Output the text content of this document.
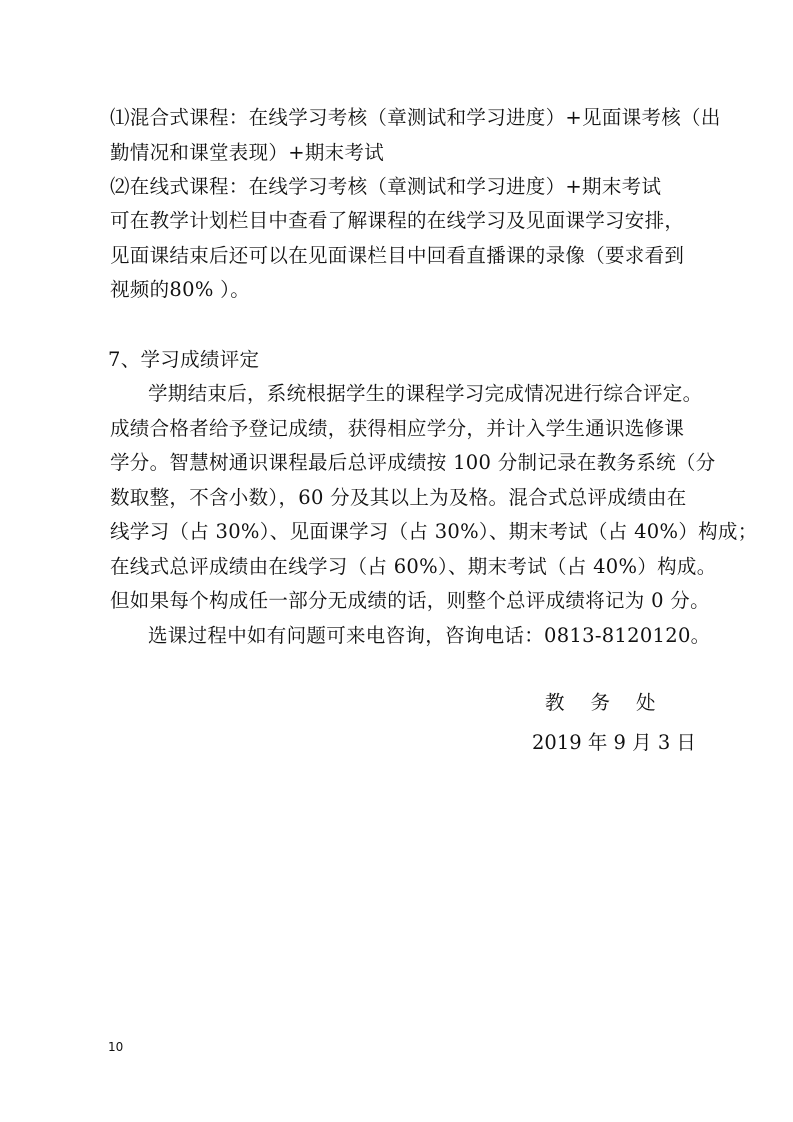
⑴混合式课程：在线学习考核（章测试和学习进度）+见面课考核（出
勤情况和课堂表现）+期末考试
⑵在线式课程：在线学习考核（章测试和学习进度）+期末考试
可在教学计划栏目中查看了解课程的在线学习及见面课学习安排，
见面课结束后还可以在见面课栏目中回看直播课的录像（要求看到
视频的80% ）。
7、学习成绩评定
学期结束后，系统根据学生的课程学习完成情况进行综合评定。
成绩合格者给予登记成绩，获得相应学分，并计入学生通识选修课
学分。智慧树通识课程最后总评成绩按 100 分制记录在教务系统（分
数取整，不含小数），60 分及其以上为及格。混合式总评成绩由在
线学习（占 30%）、见面课学习（占 30%）、期末考试（占 40%）构成；
在线式总评成绩由在线学习（占 60%）、期末考试（占 40%）构成。
但如果每个构成任一部分无成绩的话，则整个总评成绩将记为 0 分。
选课过程中如有问题可来电咨询，咨询电话：0813-8120120。
教务处
2019 年 9 月 3 日
10
